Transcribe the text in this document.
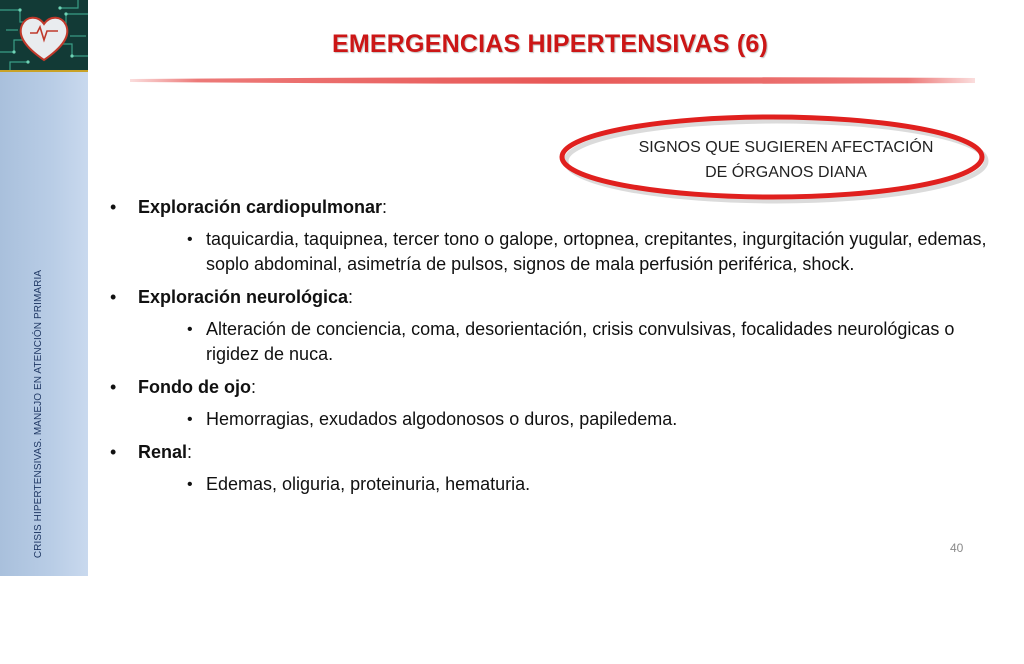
CRISIS HIPERTENSIVAS. MANEJO EN ATENCIÓN PRIMARIA
EMERGENCIAS HIPERTENSIVAS (6)
SIGNOS QUE SUGIEREN AFECTACIÓN
DE ÓRGANOS DIANA
• Exploración cardiopulmonar:
• taquicardia, taquipnea, tercer tono o galope, ortopnea, crepitantes, ingurgitación yugular, edemas, soplo abdominal, asimetría de pulsos, signos de mala perfusión periférica, shock.
• Exploración neurológica:
• Alteración de conciencia, coma, desorientación, crisis convulsivas, focalidades neurológicas o rigidez de nuca.
• Fondo de ojo:
• Hemorragias, exudados algodonosos o duros, papiledema.
• Renal:
• Edemas, oliguria, proteinuria, hematuria.
40
